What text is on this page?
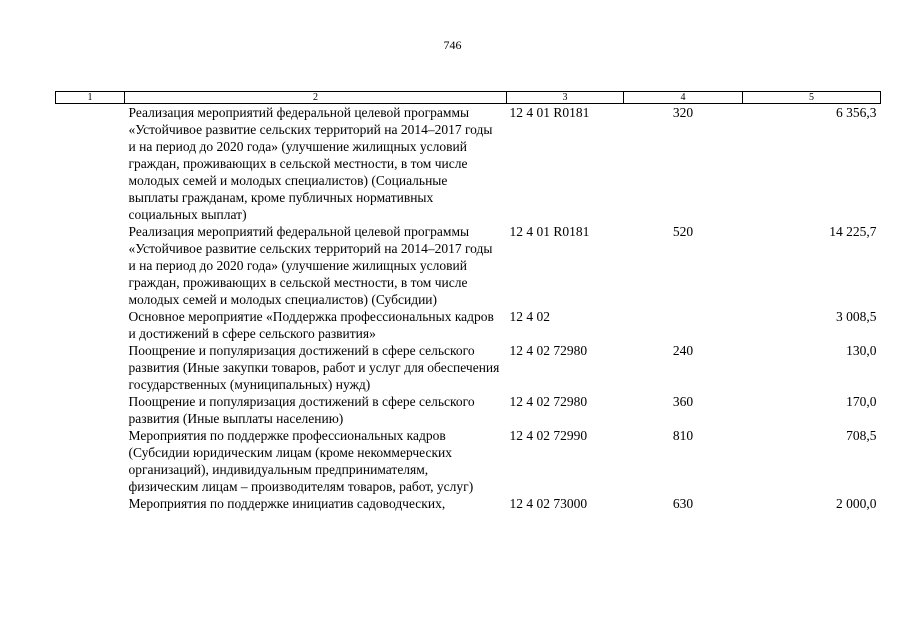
746
1	2	3	4	5
	Реализация мероприятий федеральной целевой программы «Устойчивое развитие сельских территорий на 2014–2017 годы и на период до 2020 года» (улучшение жилищных условий граждан, проживающих в сельской местности, в том числе молодых семей и молодых специалистов) (Социальные выплаты гражданам, кроме публичных нормативных социальных выплат)	12 4 01 R0181	320	6 356,3
	Реализация мероприятий федеральной целевой программы «Устойчивое развитие сельских территорий на 2014–2017 годы и на период до 2020 года» (улучшение жилищных условий граждан, проживающих в сельской местности, в том числе молодых семей и молодых специалистов) (Субсидии)	12 4 01 R0181	520	14 225,7
	Основное мероприятие «Поддержка профессиональных кадров и достижений в сфере сельского развития»	12 4 02		3 008,5
	Поощрение и популяризация достижений в сфере сельского развития (Иные закупки товаров, работ и услуг для обеспечения государственных (муниципальных) нужд)	12 4 02 72980	240	130,0
	Поощрение и популяризация достижений в сфере сельского развития (Иные выплаты населению)	12 4 02 72980	360	170,0
	Мероприятия по поддержке профессиональных кадров (Субсидии юридическим лицам (кроме некоммерческих организаций), индивидуальным предпринимателям, физическим лицам – производителям товаров, работ, услуг)	12 4 02 72990	810	708,5
	Мероприятия по поддержке инициатив садоводческих,	12 4 02 73000	630	2 000,0
